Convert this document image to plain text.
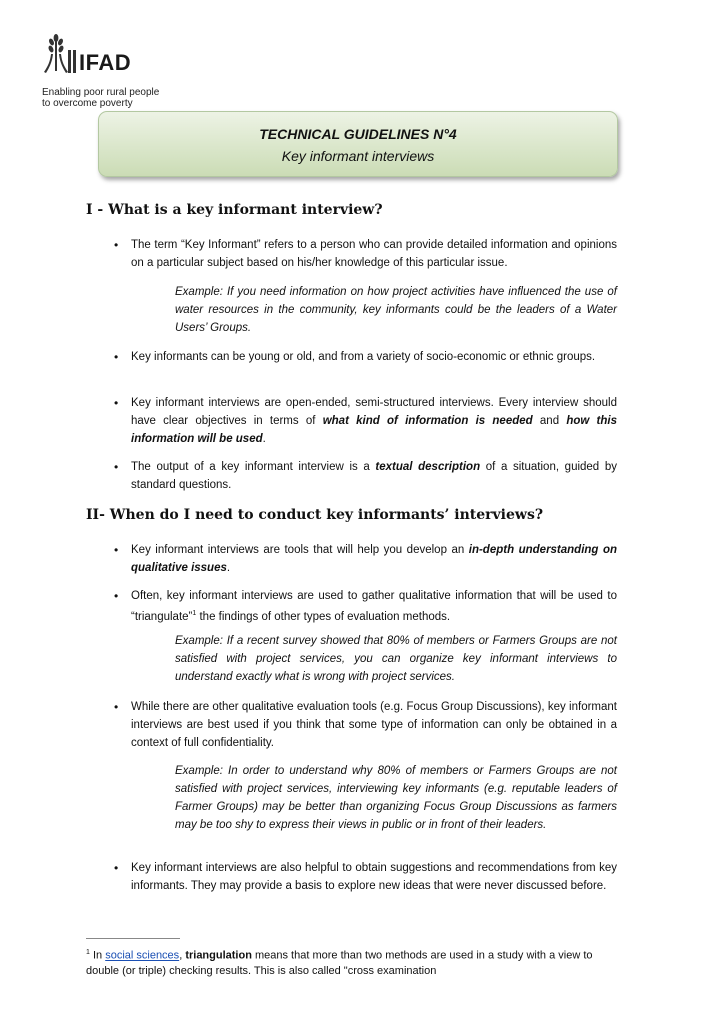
IFAD
Enabling poor rural people
to overcome poverty
TECHNICAL GUIDELINES N°4
Key informant interviews
I - What is a key informant interview?
•	The term “Key Informant” refers to a person who can provide detailed information and opinions on a particular subject based on his/her knowledge of this particular issue.

Example: If you need information on how project activities have influenced the use of water resources in the community, key informants could be the leaders of a Water Users’ Groups.

•	Key informants can be young or old, and from a variety of socio-economic or ethnic groups.

•	Key informant interviews are open-ended, semi-structured interviews. Every interview should have clear objectives in terms of what kind of information is needed and how this information will be used.

•	The output of a key informant interview is a textual description of a situation, guided by standard questions.

II- When do I need to conduct key informants’ interviews?
•	Key informant interviews are tools that will help you develop an in-depth understanding on qualitative issues.

•	Often, key informant interviews are used to gather qualitative information that will be used to “triangulate”$^1$ the findings of other types of evaluation methods.

Example: If a recent survey showed that 80% of members or Farmers Groups are not satisfied with project services, you can organize key informant interviews to understand exactly what is wrong with project services.

•	While there are other qualitative evaluation tools (e.g. Focus Group Discussions), key informant interviews are best used if you think that some type of information can only be obtained in a context of full confidentiality.

Example: In order to understand why 80% of members or Farmers Groups are not satisfied with project services, interviewing key informants (e.g. reputable leaders of Farmer Groups) may be better than organizing Focus Group Discussions as farmers may be too shy to express their views in public or in front of their leaders.

•	Key informant interviews are also helpful to obtain suggestions and recommendations from key informants. They may provide a basis to explore new ideas that were never discussed before.

$^1$ In social sciences, triangulation means that more than two methods are used in a study with a view to double (or triple) checking results. This is also called "cross examination
